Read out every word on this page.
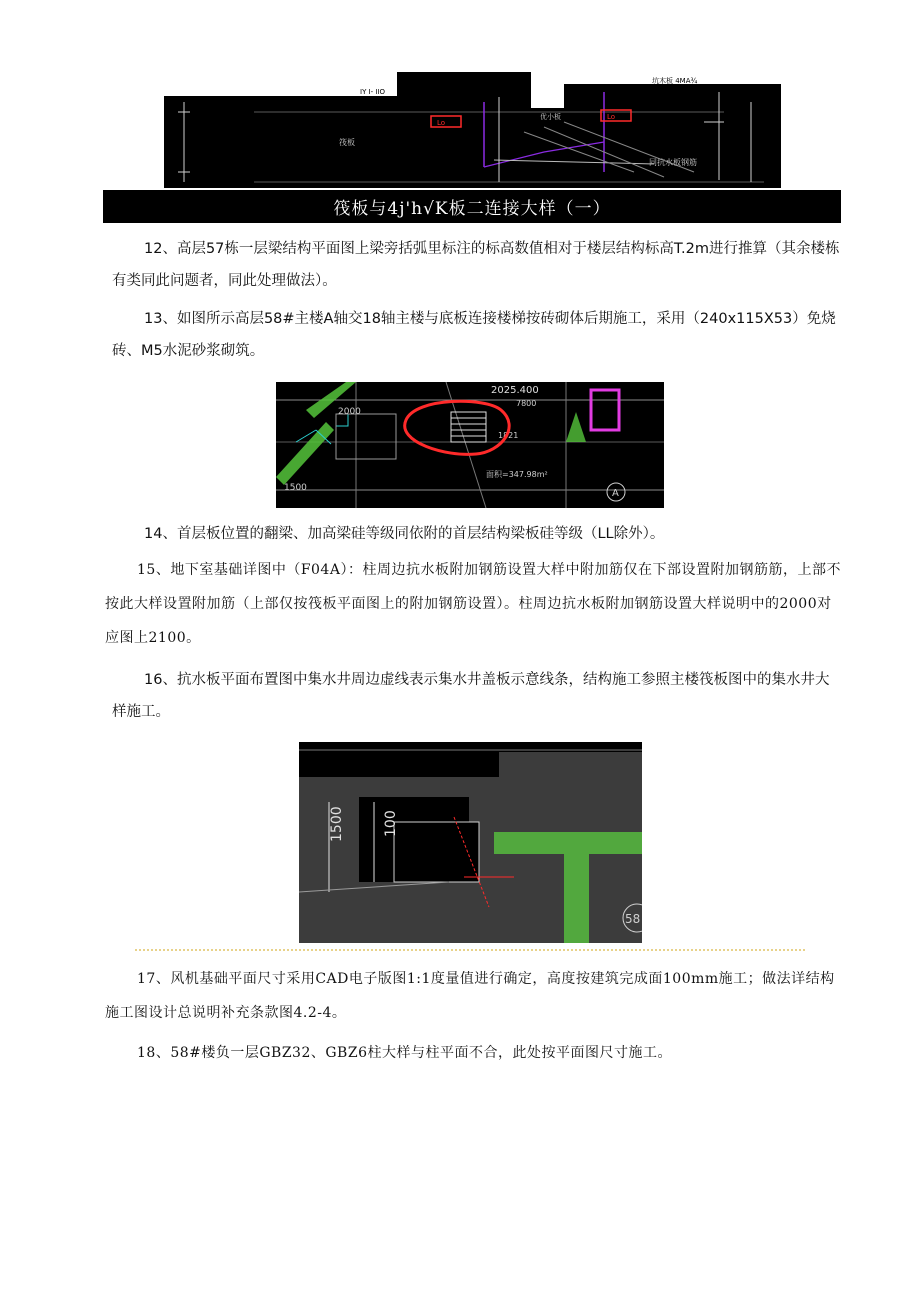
IY I- IIO
坑木板 4MA¾
Lo
Lo
筏板
优小板
同抗水板钢筋
筏板与4j'h√K板二连接大样（一）
12、高层57栋一层梁结构平面图上梁旁括弧里标注的标高数值相对于楼层结构标高T.2m进行推算（其余楼栋有类同此问题者，同此处理做法）。
13、如图所示高层58#主楼A轴交18轴主楼与底板连接楼梯按砖砌体后期施工，采用（240x115X53）免烧砖、M5水泥砂浆砌筑。
2000
1500
2025.400
7800
1821
面积=347.98m²
A
14、首层板位置的翻梁、加高梁硅等级同依附的首层结构梁板硅等级（LL除外）。
15、地下室基础详图中（F04A）：柱周边抗水板附加钢筋设置大样中附加筋仅在下部设置附加钢筋筋，上部不按此大样设置附加筋（上部仅按筏板平面图上的附加钢筋设置）。柱周边抗水板附加钢筋设置大样说明中的2000对应图上2100。
16、抗水板平面布置图中集水井周边虚线表示集水井盖板示意线条，结构施工参照主楼筏板图中的集水井大样施工。
1500	100
58
17、风机基础平面尺寸采用CAD电子版图1:1度量值进行确定，高度按建筑完成面100mm施工；做法详结构施工图设计总说明补充条款图4.2-4。
18、58#楼负一层GBZ32、GBZ6柱大样与柱平面不合，此处按平面图尺寸施工。
